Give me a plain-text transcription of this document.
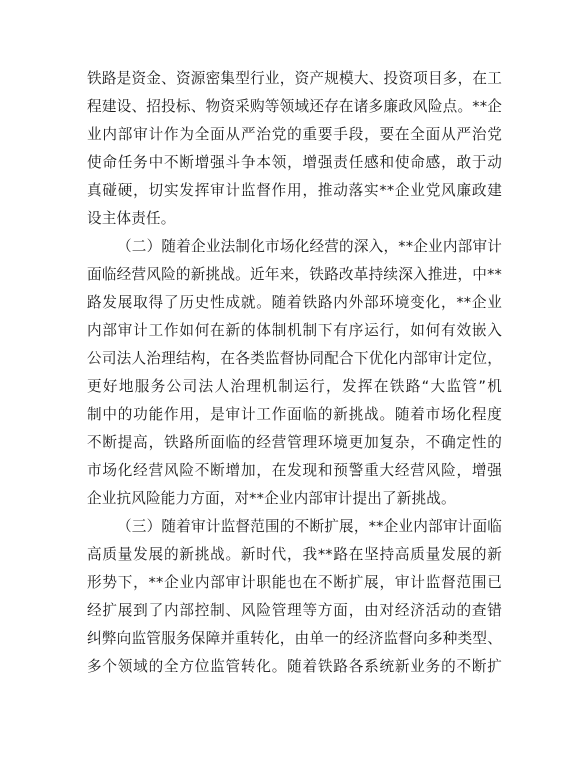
铁路是资金、资源密集型行业，资产规模大、投资项目多，在工
程建设、招投标、物资采购等领域还存在诸多廉政风险点。**企
业内部审计作为全面从严治党的重要手段，要在全面从严治党
使命任务中不断增强斗争本领，增强责任感和使命感，敢于动
真碰硬，切实发挥审计监督作用，推动落实**企业党风廉政建
设主体责任。
（二）随着企业法制化市场化经营的深入，**企业内部审计
面临经营风险的新挑战。近年来，铁路改革持续深入推进，中**
路发展取得了历史性成就。随着铁路内外部环境变化，**企业
内部审计工作如何在新的体制机制下有序运行，如何有效嵌入
公司法人治理结构，在各类监督协同配合下优化内部审计定位，
更好地服务公司法人治理机制运行，发挥在铁路“大监管”机
制中的功能作用，是审计工作面临的新挑战。随着市场化程度
不断提高，铁路所面临的经营管理环境更加复杂，不确定性的
市场化经营风险不断增加，在发现和预警重大经营风险，增强
企业抗风险能力方面，对**企业内部审计提出了新挑战。
（三）随着审计监督范围的不断扩展，**企业内部审计面临
高质量发展的新挑战。新时代，我**路在坚持高质量发展的新
形势下，**企业内部审计职能也在不断扩展，审计监督范围已
经扩展到了内部控制、风险管理等方面，由对经济活动的查错
纠弊向监管服务保障并重转化，由单一的经济监督向多种类型、
多个领域的全方位监管转化。随着铁路各系统新业务的不断扩
